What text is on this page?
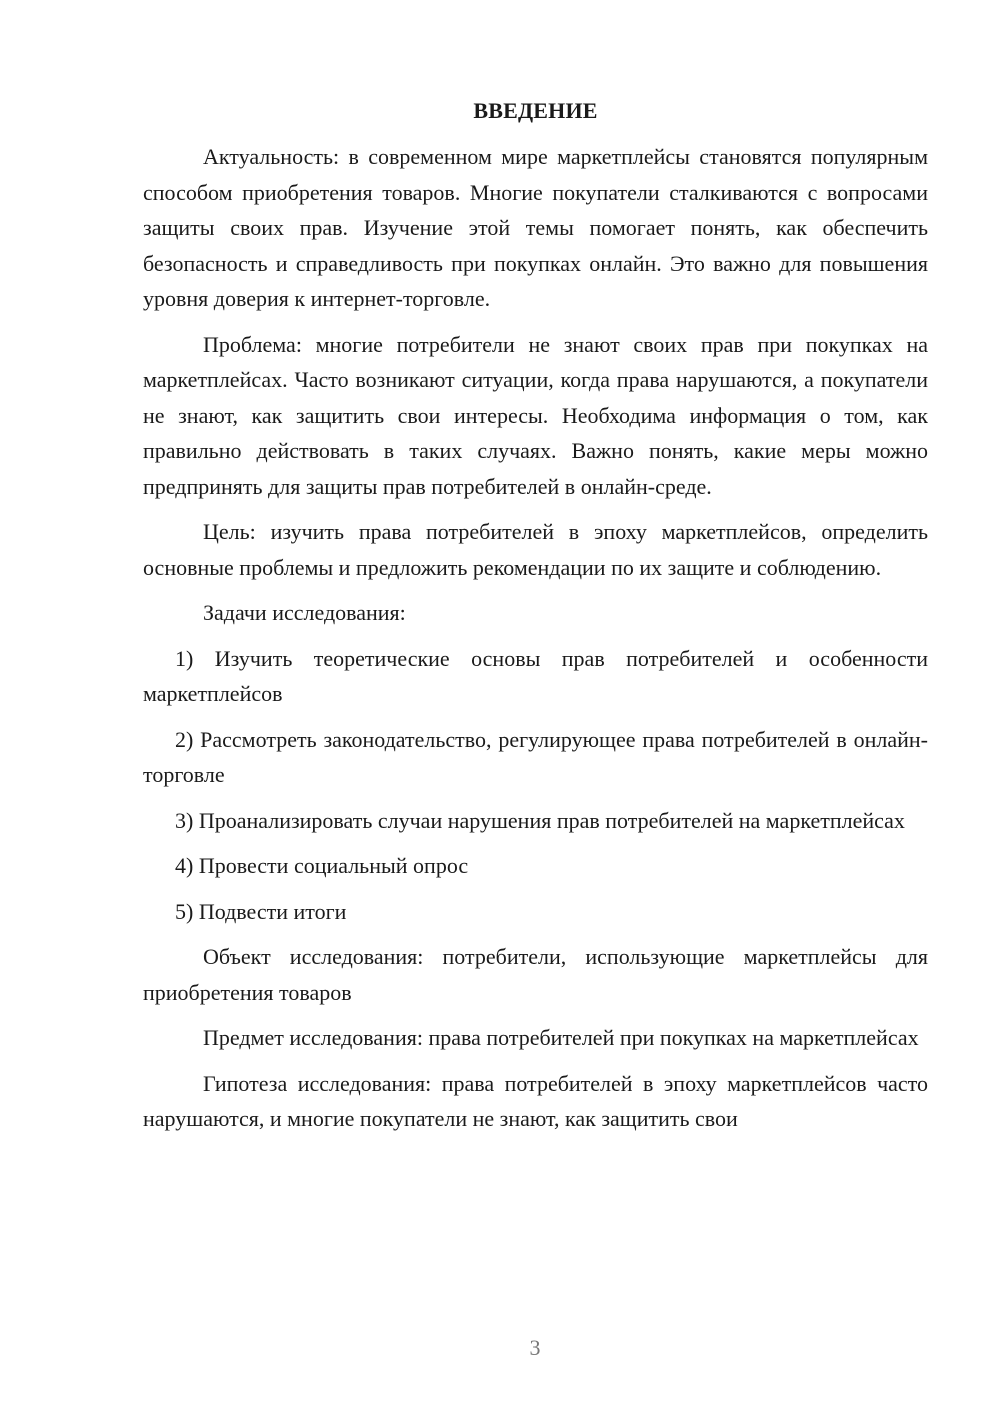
ВВЕДЕНИЕ

Актуальность: в современном мире маркетплейсы становятся популярным способом приобретения товаров. Многие покупатели сталкиваются с вопросами защиты своих прав. Изучение этой темы помогает понять, как обеспечить безопасность и справедливость при покупках онлайн. Это важно для повышения уровня доверия к интернет-торговле.

Проблема: многие потребители не знают своих прав при покупках на маркетплейсах. Часто возникают ситуации, когда права нарушаются, а покупатели не знают, как защитить свои интересы. Необходима информация о том, как правильно действовать в таких случаях. Важно понять, какие меры можно предпринять для защиты прав потребителей в онлайн-среде.

Цель: изучить права потребителей в эпоху маркетплейсов, определить основные проблемы и предложить рекомендации по их защите и соблюдению.

Задачи исследования:

1) Изучить теоретические основы прав потребителей и особенности маркетплейсов

2) Рассмотреть законодательство, регулирующее права потребителей в онлайн-торговле

3) Проанализировать случаи нарушения прав потребителей на маркетплейсах

4) Провести социальный опрос

5) Подвести итоги

Объект исследования: потребители, использующие маркетплейсы для приобретения товаров

Предмет исследования: права потребителей при покупках на маркетплейсах

Гипотеза исследования: права потребителей в эпоху маркетплейсов часто нарушаются, и многие покупатели не знают, как защитить свои

3
